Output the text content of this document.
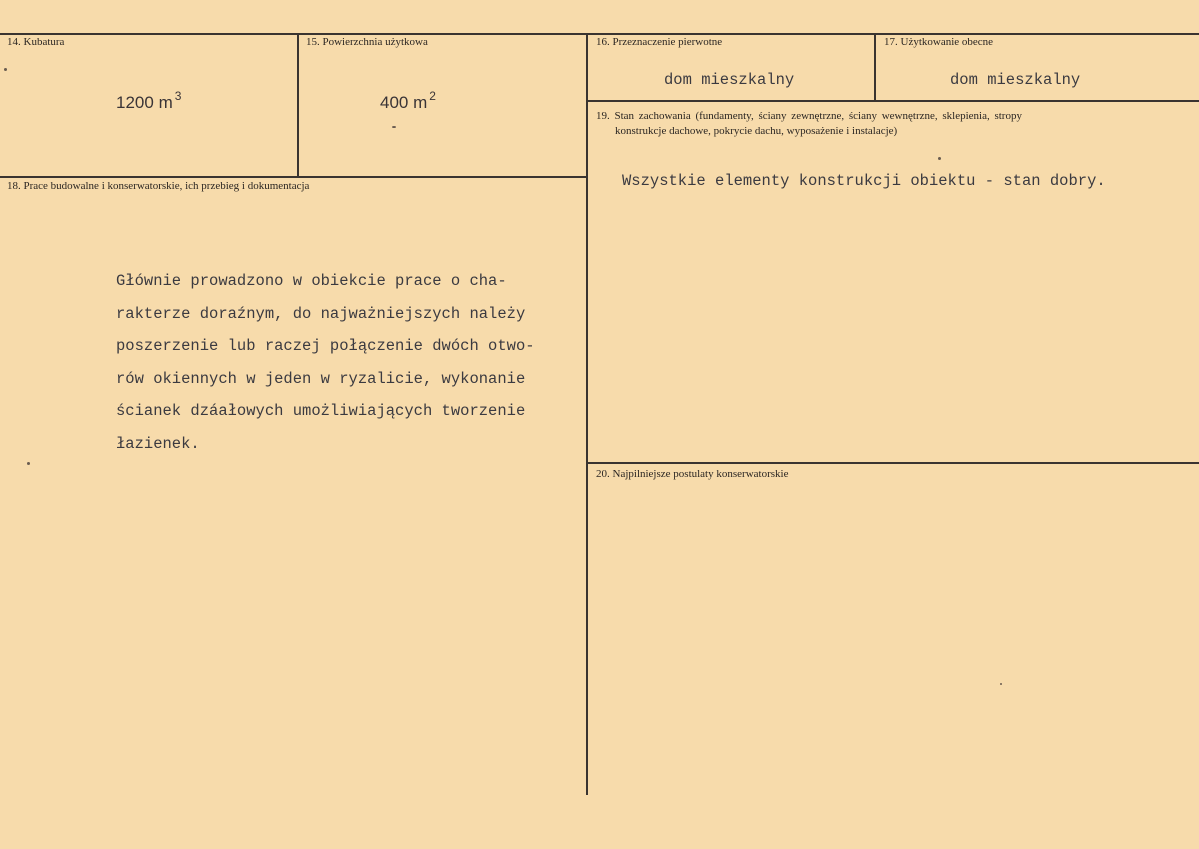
14. Kubatura
1200 m $^3$
15. Powierzchnia użytkowa
400 m $^2$
16. Przeznaczenie pierwotne
dom mieszkalny
17. Użytkowanie obecne
dom mieszkalny
18. Prace budowalne i konserwatorskie, ich przebieg i dokumentacja
Głównie prowadzono w obiekcie prace o cha-
rakterze doraźnym, do najważniejszych należy
poszerzenie lub raczej połączenie dwóch otwo-
rów okiennych w jeden w ryzalicie, wykonanie
ścianek dzáałowych umożliwiających tworzenie
łazienek.
19. Stan zachowania (fundamenty, ściany zewnętrzne, ściany wewnętrzne, sklepienia, stropy
konstrukcje dachowe, pokrycie dachu, wyposażenie i instalacje)
Wszystkie elementy konstrukcji obiektu - stan dobry.
20. Najpilniejsze postulaty konserwatorskie
